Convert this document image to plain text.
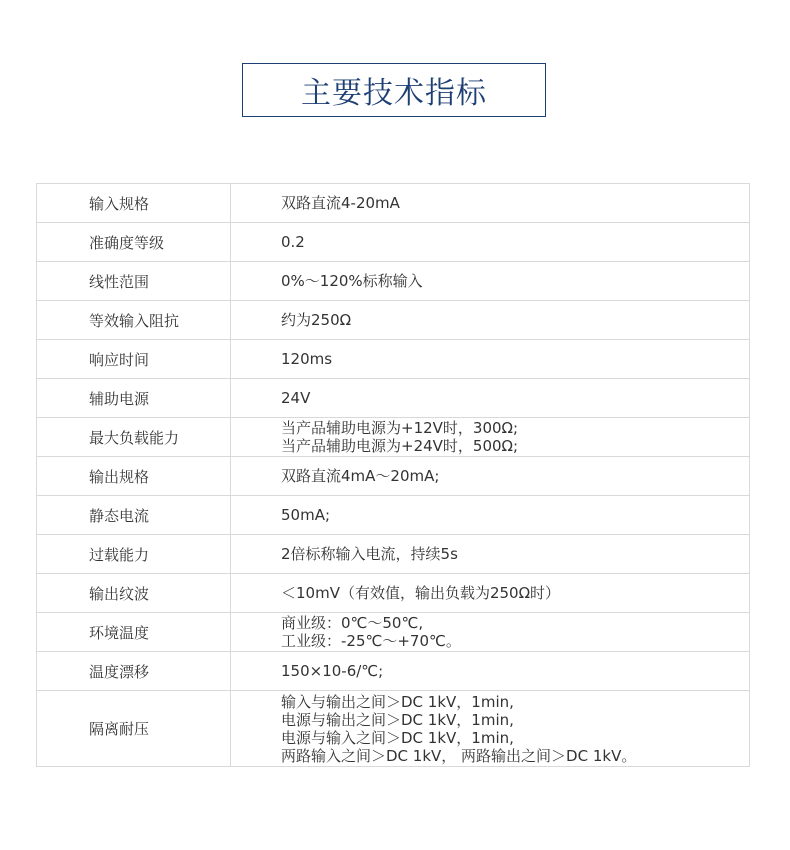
主要技术指标
输入规格	双路直流4-20mA

准确度等级	0.2

线性范围	0%～120%标称输入

等效输入阻抗	约为250Ω

响应时间	120ms

辅助电源	24V

最大负载能力	当产品辅助电源为+12V时，300Ω;
当产品辅助电源为+24V时，500Ω;

输出规格	双路直流4mA～20mA;

静态电流	50mA;

过载能力	2倍标称输入电流，持续5s

输出纹波	＜10mV（有效值，输出负载为250Ω时）

环境温度	商业级：0℃～50℃,
工业级：-25℃～+70℃。

温度漂移	150×10-6/℃;

隔离耐压	输入与输出之间＞DC 1kV，1min,
电源与输出之间＞DC 1kV，1min,
电源与输入之间＞DC 1kV，1min,
两路输入之间＞DC 1kV， 两路输出之间＞DC 1kV。
